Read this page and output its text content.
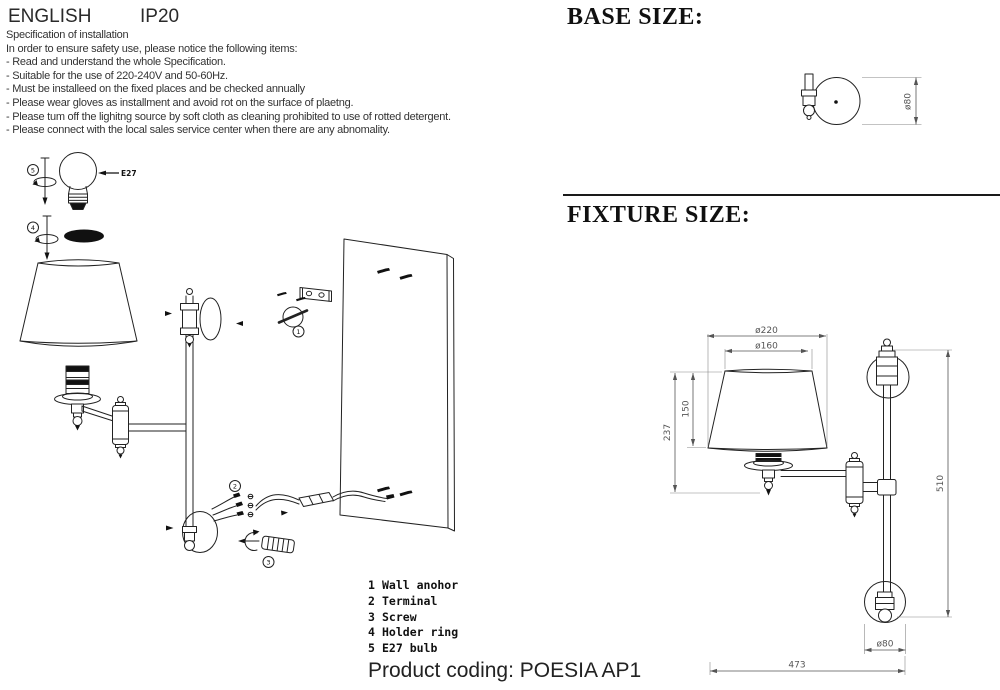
ENGLISH	IP20
Specification of installation
In order to ensure safety use, please notice the following items:
- Read and understand the whole Specification.
- Suitable for the use of 220-240V and 50-60Hz.
- Must be installeed on the fixed places and be checked annually
- Please wear gloves as installment and avoid rot on the surface of plaetng.
- Please tum off the lighitng source by soft cloth as cleaning prohibited to use of rotted detergent.
- Please connect with the local sales service center when there are any abnomality.
E27
5
4
1
2
3
1 Wall anohor
2 Terminal
3 Screw
4 Holder ring
5 E27 bulb
Product coding: POESIA AP1
BASE SIZE:
ø80
FIXTURE SIZE:
ø220
ø160
237
150
510
ø80
473
